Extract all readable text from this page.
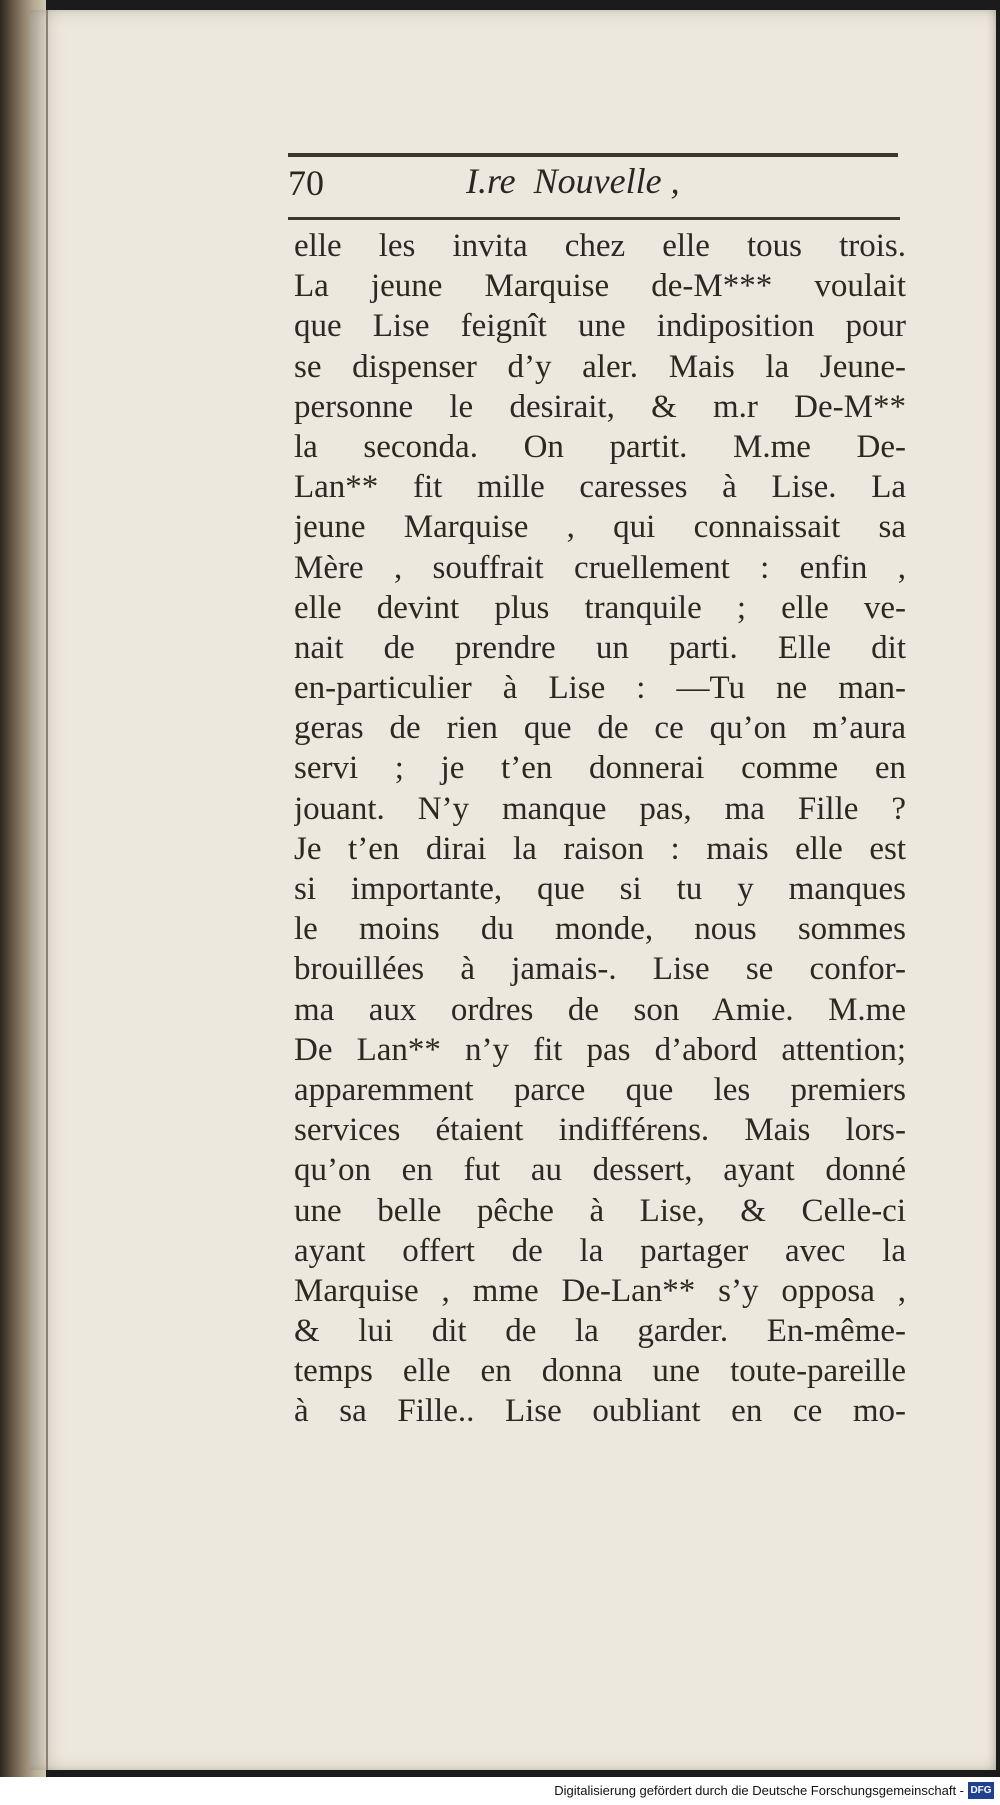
70	I.re  Nouvelle ,
elle les invita chez elle tous trois.
La jeune Marquise de-M*** voulait
que Lise feignît une indiposition pour
se dispenser d’y aler. Mais la Jeune-
personne le desirait, & m.r De-M**
la seconda. On partit. M.me De-
Lan** fit mille caresses à Lise. La
jeune Marquise , qui connaissait sa
Mère , souffrait cruellement : enfin ,
elle devint plus tranquile ; elle ve-
nait de prendre un parti. Elle dit
en-particulier à Lise : —Tu ne man-
geras de rien que de ce qu’on m’aura
servi ; je t’en donnerai comme en
jouant. N’y manque pas, ma Fille ?
Je t’en dirai la raison : mais elle est
si importante, que si tu y manques
le moins du monde, nous sommes
brouillées à jamais-. Lise se confor-
ma aux ordres de son Amie. M.me
De Lan** n’y fit pas d’abord attention;
apparemment parce que les premiers
services étaient indifférens. Mais lors-
qu’on en fut au dessert, ayant donné
une belle pêche à Lise, & Celle-ci
ayant offert de la partager avec la
Marquise , mme De-Lan** s’y opposa ,
& lui dit de la garder. En-même-
temps elle en donna une toute-pareille
à sa Fille.. Lise oubliant en ce mo-
Digitalisierung gefördert durch die Deutsche Forschungsgemeinschaft - DFG
